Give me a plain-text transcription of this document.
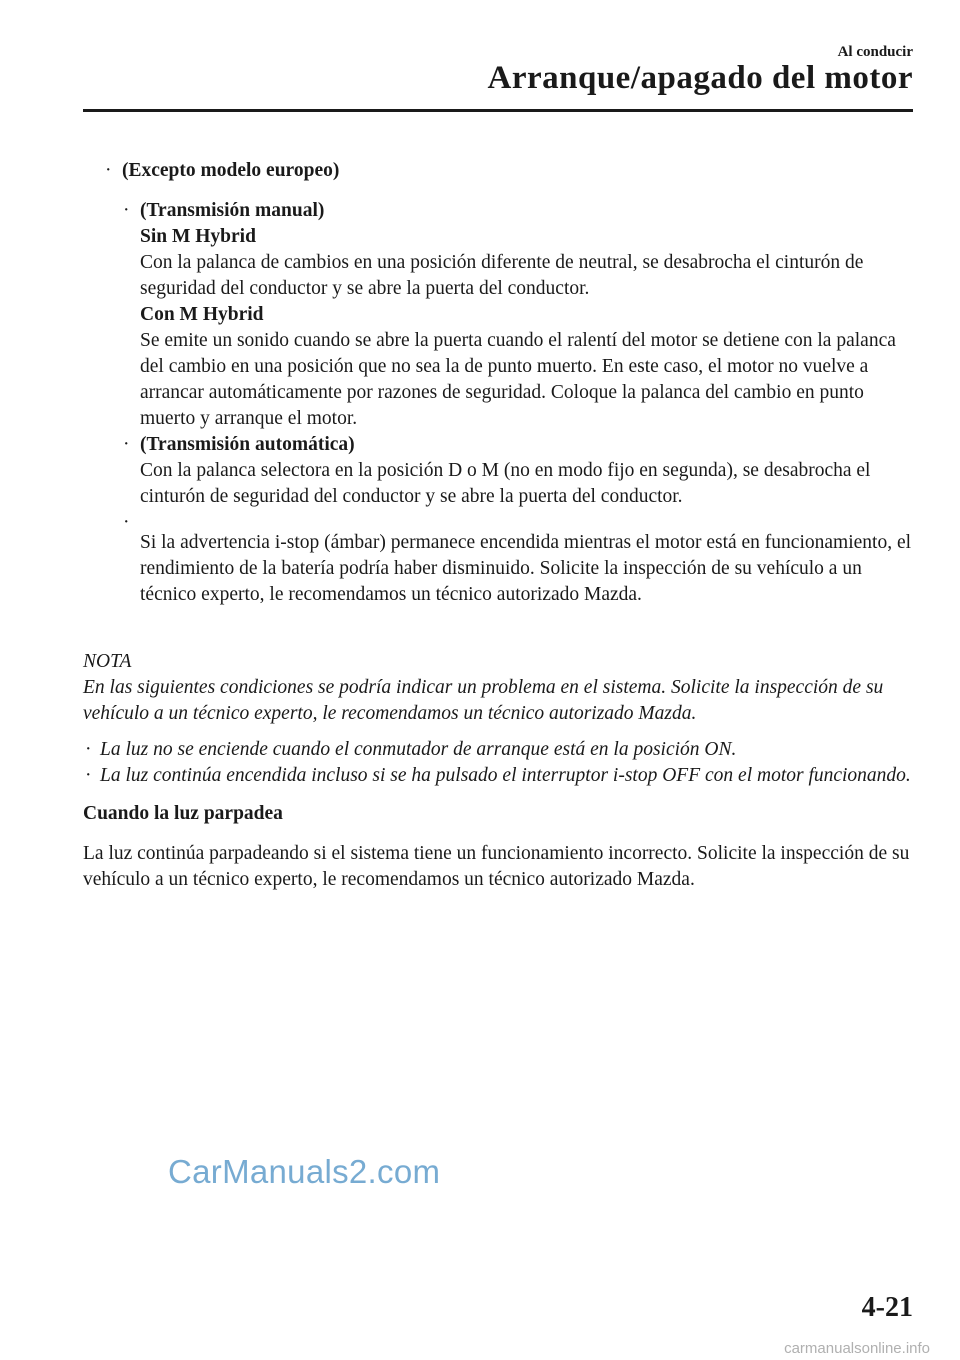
Al conducir
Arranque/apagado del motor
· (Excepto modelo europeo)
· (Transmisión manual)

Sin M Hybrid

Con la palanca de cambios en una posición diferente de neutral, se desabrocha el cinturón de seguridad del conductor y se abre la puerta del conductor.

Con M Hybrid

Se emite un sonido cuando se abre la puerta cuando el ralentí del motor se detiene con la palanca del cambio en una posición que no sea la de punto muerto. En este caso, el motor no vuelve a arrancar automáticamente por razones de seguridad. Coloque la palanca del cambio en punto muerto y arranque el motor.

· (Transmisión automática)

Con la palanca selectora en la posición D o M (no en modo fijo en segunda), se desabrocha el cinturón de seguridad del conductor y se abre la puerta del conductor.

·

Si la advertencia i-stop (ámbar) permanece encendida mientras el motor está en funcionamiento, el rendimiento de la batería podría haber disminuido. Solicite la inspección de su vehículo a un técnico experto, le recomendamos un técnico autorizado Mazda.

NOTA

En las siguientes condiciones se podría indicar un problema en el sistema. Solicite la inspección de su vehículo a un técnico experto, le recomendamos un técnico autorizado Mazda.

· La luz no se enciende cuando el conmutador de arranque está en la posición ON.
· La luz continúa encendida incluso si se ha pulsado el interruptor i-stop OFF con el motor funcionando.
Cuando la luz parpadea

La luz continúa parpadeando si el sistema tiene un funcionamiento incorrecto. Solicite la inspección de su vehículo a un técnico experto, le recomendamos un técnico autorizado Mazda.

CarManuals2.com
4-21
carmanualsonline.info
